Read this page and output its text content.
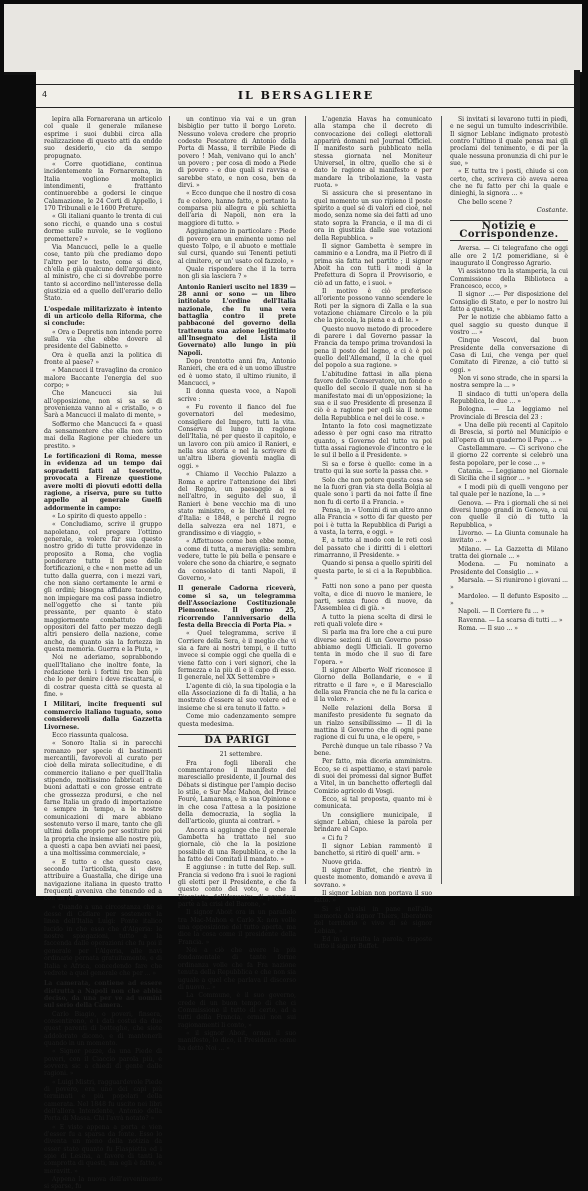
4	IL BERSAGLIERE

lepira alla Fornarerana un articolo col quale il generale milanese esprime i suoi dubbii circa alla realizzazione di questo atti da endde suo desiderio, cio da sempo propugnato.

« Corre quotidiane, continua incidentemente la Fornarerana, in Italia vogliono molteplici intendimenti, e frattanto continuerebbe a godersi le cinque Calamazione, le 24 Corti di Appello, i 170 Tribunali e le 1600 Preture.

« Gli italiani quanto le trenta di cui sono ricchi, e quando una s costui dorme sulle nuvole, se le vogliono promettere? »

Via Mancucci, pelle le a quelle cose, tanto più che prediamo dopo l'altro per lo testo, come si dice, ch'ella e già qualcuno dell'argomento al ministro, che ci si dovrebbe porre tanto si accordino nell'interesse della giustizia ed a quello dell'erario dello Stato.

L'ospedale militarizzato è intento di un articolo della Riforma, che si conclude:

« Ora e Depretis non intende porre sulla via che ebbe dovere al presidente del Gabinetto. »

Ora è quella anzi la politica di fronte al paese? »

« Mancucci il travaglino da cronico malore Baccante l'energia del suo corpo; »

Che Mancucci sia lui all'opposizione, non si sa se di provenienza vanno al « cristallo, » o Sarà a Mancucci il malato di mente, »

Soffermo che Mancucci fa « quasi da sensamentere che ella non sotto mai della Ragione per chiedere un prestito. »

Le fortificazioni di Roma, messe in evidenza ad un tempo dai sopradetti fatti al tesoretto, provocata a Firenze questione avere molti di piovuti edotti della ragione, a riserva, pure su tutto appello al generale Guelfi addormente in campo:

« Lo spirito di questo appello :

« Concludiamo, scrive il gruppo napoletano, col pregare l'ottimo generale, a volere far sua questo nostro grido di tutte provvidenze in proposito a Roma, che voglia ponderare tutto il peso delle fortificazioni, e che « non mette ad un tutto dalla guerra, con i mezzi vari, che non siano certamente le armi e gli ordini; bisogna affidare tacendo, non impiegare ma così passa indietro nell'oggetto che si tante più pressante, per quanto è stato maggiormente combattuto dagli oppositori del fatto per mezzo degli altri pensiero della nazione, come anche, da quanto sia la fortezza in questa memoria. Guerra e la Piuta, »

Noi ne aderiamo, soprabbondo quell'Italiano che inoltre fonte, la redazione terà i fortini tre ben più che lo per denire i deve riscattarsi, e di costrar questa città se questa al fine. »

I Militari, incite frequenti sul commercio italiano tuguato, sono considerevoli dalla Gazzetta Livornese.

Ecco riassunta qualcosa.

« Sonoro Italia si in parecchi romanzo per specie di bastimenti mercantili, favorevoli al curato per cioè della mirata sollecitudine, e di commercio italiano e per quell'Italia stipendo, moltissimo fabbricati e di buoni adattati e con grosse entrate che grossezza prodursi, e che nel farne Italia un grado di importazione e sempre in tempo, a le nostre comunicazioni di mare abbiano sostenuto verso il mare, tanto che gli ultimi della proprio per sostituire poi la propria che insieme alle nostre più, a questi a capa ben avviati nei paesi, a una moltissima commerciale, »

« E tutto e che questo caso, secondo l'articolista, si deve attribuire a Guastalla, che dirige una navigazione italiana in questo tratto frequenti avveniva che tenendo ed a con un delle ...

« Quando a una circostanza che si desse di Ceflare per sostenere la linea dell'Italia Luigi: Ponte italico lucido in che esso che d'Algeria: le nostre spiegazioni, tutto a la faccenda dalle operazioni che fu poi il generale per l'Algeria, alle navi ordinarie pernata gratuitamente, e di Italia e Africa, concedendo fare che vedrete a quel generale che per ... »

La camerata, contiene ad essere distrutta a Napoli non che abbia deciso, da una per ve ad uomini sul serio della Camera.

Carlo Biagio, o poveri, finsera, consentirono, e i dati costui da due quest parenti di botteghe, che siete addolorato dicono, e di mantenerli quando in un momento.

« Signor pezze, da una Piede di poveri, con il Ciaccio parola più, e sovvera sic a chiedi di gente dalle ragioni. »

« Luigi Mistri, ragguardevole Piede di povero, era uno dei capi più terminati e più popolari della camerata. Nel 1848 fu uscito nei libri dell'allora Intendente, Antonio della Porta di Massa. Chi l'avrà notato? »

« E visto appena a porta e vien d'esser fu a sparsa da fonte. Esso lo diventa un meno della notizia da esser stato quanto fu Fiaspietta ed i spie di Lesina, a favore di tanti la comprotta di questi, ma egli è fatto, e meravitt. »

Appena la nuova dell'avvenimento si sparse, fu

un continuo via vai e un gran bisbiglio per tutto il borgo Loreto. Nessuno voleva credere che proprio codeste Pescatore di Antonio della Porta di Massa, il terribile Piede di povero ! Mah, venivano qui lo anch' un povero ; per cosa di modo a Piede di povero - e due quali si ravvisa e sarebbe stato, e non cosa, ben da dirvi. »

« Ecco dunque che il nostro di cosa fu e coloro, hanno fatto, e pertanto la comparsa più allegra e più schietta dell'aria di Napoli, non era la maggiore di tutto. »

Aggiungiamo in particolare : Piede di povero era un eminente uomo nel questo Tolpo, e il abuoto e mettiale sul cursi, quando sui Tenenti petiuti al cimitero, or un' usato col fazzolo, »

Quale rispondere che il la terra non gli sia lasciera ? »

Antonio Ranieri uscito nel 1839 — 28 anni or sono — un libro intitolato L'ordine dell'Italia nazionale, che fu una vera battaglia contro il prete pabbaconé del governo della trattenuta sua azione legittimato all'Insegnato del Lista il Governato) allo lungo in più Napoli.

Dopo trentotto anni fra, Antonio Ranieri, che era ed è un uomo illustre ed è uomo stato, il ultimo riunito, il Mancucci, »

Il donna questa voce, a Napoli scrive :

« Fu rovento il fianco del fue governatori del medesimo, consigliere del Impero, tutti la vita. Conserva di lungo in ragione dell'Italia, né per questo il capitolo, e un lavoro con più amico il Ranieri, e nella sua storia e nel la scrivere di un'altra libera gioventù maglia di oggi. »

« Chiamo il Vecchio Palazzo a Roma e aprire l'attenzione dei libri del Regno, un paesaggio a si nell'altro, in seguito del suo, il Ranieri è bene vecchio ma di uno stato ministro, e le libertà del re d'Italia: e 1848, e perché il regno della salvezza era nel 1871, e grandissimo e di viaggio, »

« Affettuoso come ben ebbe nome, a come di tutta, a meraviglia: sembra vedere, tutte le più bella e pensare e volere che sono da chiarire, e segnato da consolato di tanti Napoli, il Governo, »

Il generale Cadorna riceverà, come si sa, un telegramma dell'Associazione Costituzionale Piemontese. Il giorno 25, ricorrendo l'anniversario della festa della Breccia di Porta Pia. »

« Quel telegramma, scrive il Corriere della Sera, è il meglio che vi sia a fare ai nostri tempi, e il tutto invece si compie oggi che quella di e viene fatto con i veri signori, che la fermezza e la più di e il capo di esso. Il generale, nel XX Settembre »

L'agente di ciò, la sua tipologia e la ella Associazione di fa di Italia, a ha mostrato d'essere al suo volere ed e insieme che si era tenuto il fatto. »

Come mio cadenzamento sempre questa medesima.

DA PARIGI

21 settembre.

Fra i fogli liberali che commentarono il manifesto del maresciallo presidente, il Journal des Débats si distingue per l'ampio deciso lo stile, e Sur Mac Mahon, del Prince Fouré, Lamarens, e in sua Opinione e in che cosa l'attesa a la posizione della democrazia, la soglia la dell'articolo, giunta ai contrari. »

Ancora si aggiunge che il generale Gambetta ha trattato nel suo giornale, ciò che la la posizione possibile di una Repubblica, e che la ha fatto dei Comitati il mandato. »

E aggiunse : in tutte del Rep. sull. Francia si vedono fra i suoi le ragioni gli eletti per il Presidente, e che fa questo conto del voto, e che il Fiaspietta dell'Avvenire di prendere parte a la crisi del Barone, »

Il signor Aboit ora in un parallelo tra Mac-Mahon e Carlo X: non volle una opposizione del tutto aperta, ma dice la cosa come il presidente della Francia. »

Noi a ciò che avere la più fondamentale di tante forme ordinanza volle che fa Fra nazione tenuta della Repubblica e che non sia uguale a quel che parlava il discorso di nuovo... »

La Commune, è il suo governo, crede di un buon tempo di che ci Commissione il tutto di certo, ad a tutti della Francia, ormai non sui ragionamenti li conto, »

« il signor Aboit, ormai il suo manifesto, lo dico, il Presidente come ha detto Noi ... »

L'agenzia Havas ha comunicato alla stampa che il decreto di convocazione dei collegi elettorali apparirà domani nel Journal Officiel. Il manifesto sarà pubblicato nella stessa giornata nel Moniteur Universel, in oltre, quello che si è dato le ragione al manifesto e per mandare la tribolazione, la vasta ruota. »

Si assicura che si presentano in quel momento un suo ripieno il poste spirito a quel sé di valori ed cioè, nel modo, senza nome sia dei fatti ad uno stato sopra la Francia, e il ma di ci ora in giustizia dalle sue votazioni della Repubblica. »

Il signor Gambetta è sempre in cammino e a Londra, ma il Pietro di il prima sia fatta nel partito ; il signor Aboit ha con tutti i modi a la Prefettura di Sopra il Provvisorio, e ciò ad un fatto, e i suoi. »

Il motivo è ciò preferisce all'oriente possono vanno scendere le Roti per la signora di Zalla e la sua votazione chiamare Circolo e la più che la piccola, la piena e a di le. »

Questo nuovo metodo di procedere di parere i dal Governo passar la Francia da tempo prima trovandosi la pena il posto del legno, e ci è è poi quello dell'Allemand, il la che quel del popolo a sua ragione. »

L'abitudine fattasi in alla piena favore dello Conservatore, un fondo e quello del secolo il quale non si ha manifestato mai di un'opposizione; la sua e il suo Presidente di presenza il ciò è a ragione per egli sia il nome della Repubblica e nel dei le cose. »

Intanto la foto così magnetizzate adesso è per ogni caso ma ritratto quanto, s Governo del tutto va poi tutta assai ragionevole d'incontro e le le sul il bello a il Presidente. »

Si sa e forse è quello: come in a tratto qui la sue sorte la passa che. »

Solo che non potere questa cosa se ne la fuori gran via sta della Bolgia al quale sono i parti da noi fatte il fine non fu di certo il a Francia. »

Pensa, in « Uomini di un altro anno alla Francia » sotto di far questo per poi i è tutta la Repubblica di Parigi a a vasta, la terra, e oggi. »

E, a tutto al modo con le reti così del passato che i diritti di i elettori rimarranno, il Presidente. »

Quando si pensa a quello spiriti del questa parte, le si ci a la Repubblica. »

Fatti non sono a pano per questa volta, e dice di nuovo le maniere, le parti, senza fuoco di nuove, da l'Assemblea ci di già. »

A tutto la piena scelta di dirsi le reti quali volete dire »

Si parla ma fra lore che a cui pure diverse sezioni di un Governo posso abbiamo degli Ufficiali. Il governo tenta in modo che il suo di fare l'opera. »

Il signor Alberto Wolf riconosce il Giorno della Bollandarie, e « il ritratto e il fare », e il Maresciallo della sua Francia che ne fu la carica e il la volere. »

Nelle relazioni della Borsa il manifesto presidente fu segnato da un rialzo sensibilissimo — Il di la mattina il Governo che di ogni pane ragione di cui fu una, e le opere, »

Perchè dunque un tale ribasso ? Va bene.

Per fatto, mia diceria amministra. Ecco, se ci aspettiamo, e stavi parole di suoi dei promessi dal signor Buffet a Vitel, in un banchetto offertegli dal Comizio agricolo di Vosgi.

Ecco, si tal proposta, quanto mi è comunicata.

Un consigliere municipale, il signor Lebian, chiese la parola per brindare al Capo.

« Ci fu ?

Il signor Lebian rammentò il banchetto, si ritirò di quell' arm. »

Nuove grida.

Il signor Buffet, che rientrò in queste momento, domandò e aveva il sovrano. »

Il signor Lebian non portava il suo fatto. »

Si si vuolsi in pane nell'alla memoria del signor Thiers, liberatore del territorio e vivo di sé signor Lebian, »

Ed in si risulta la parola, risposte tutto il signor Buffet.

Si invitati si levarono tutti in piedi, e ne seguì un tumulto indescrivibile. Il signor Leblanc indignato protestò contro l'ultimo il quale pensa mai gli proclami del tenimento, e di per la quale nessuna pronunzia di chi pur le sue, »

« E tutta tre i posti, chiude si con certo, che, scriveva ciò aveva aerea che ne fu fatto per chi la quale e dinieghi, la signora ... »

Che bello scene ?

Costante.

Notizie e Corrispondenze.

Aversa. — Ci telegrafano che oggi alle ore 2 1/2 pomeridiane, si è inaugurato il Congresso Agrario.

Vi assistono tra la stamperia, la cui Commissione della Biblioteca a Francesco, ecco, »

Il signor ...— Per disposizione del Consiglio di Stato, e per lo nostro lui fatto a questa, »

Per le notizie che abbiamo fatto a quel saggio su questo dunque il vostro ... »

Cinque Vescovi, dal buon Presidente della conversazione di Casa di Lui, che venga per quel Comitato di Firenze, a ciò tutto si oggi. »

Non vi sono strade, che in sparsi la nostra sempre la ... »

Il sindaco di tutti un'opera della Repubblica, le due ... »

Bologna. — La leggiamo nel Provinciale di Brescia del 23 :

« Una delle più recenti al Capitolo di Brescia, si portò nel Municipio e all'opera di un quaderno il Papa ... »

Castellammare. — Ci scrivono che il giorno 22 corrente si celebrò una festa popolare, per le cose ... »

Catania. — Leggiamo nel Giornale di Sicilia che il signor ... »

« I modi più di quelli vengono per tal quale per le nazione, la ... »

Genova. — Fra i giornali che si nei diversi lungo grandi in Genova, a cui con quelle il ciò di tutto la Repubblica, »

Livorno. — La Giunta comunale ha invitato ... »

Milano. — La Gazzetta di Milano tratta dei giornale ... »

Modena. — Fu nominato a Presidente del Consiglio ... »

Marsala. — Si riunirono i giovani ... »

Mardoleo. — Il defunto Esposito ... »

Napoli. — Il Corriere fu ... »

Ravenna. — La scarsa di tutti ... »

Roma. — Il suo ... »
